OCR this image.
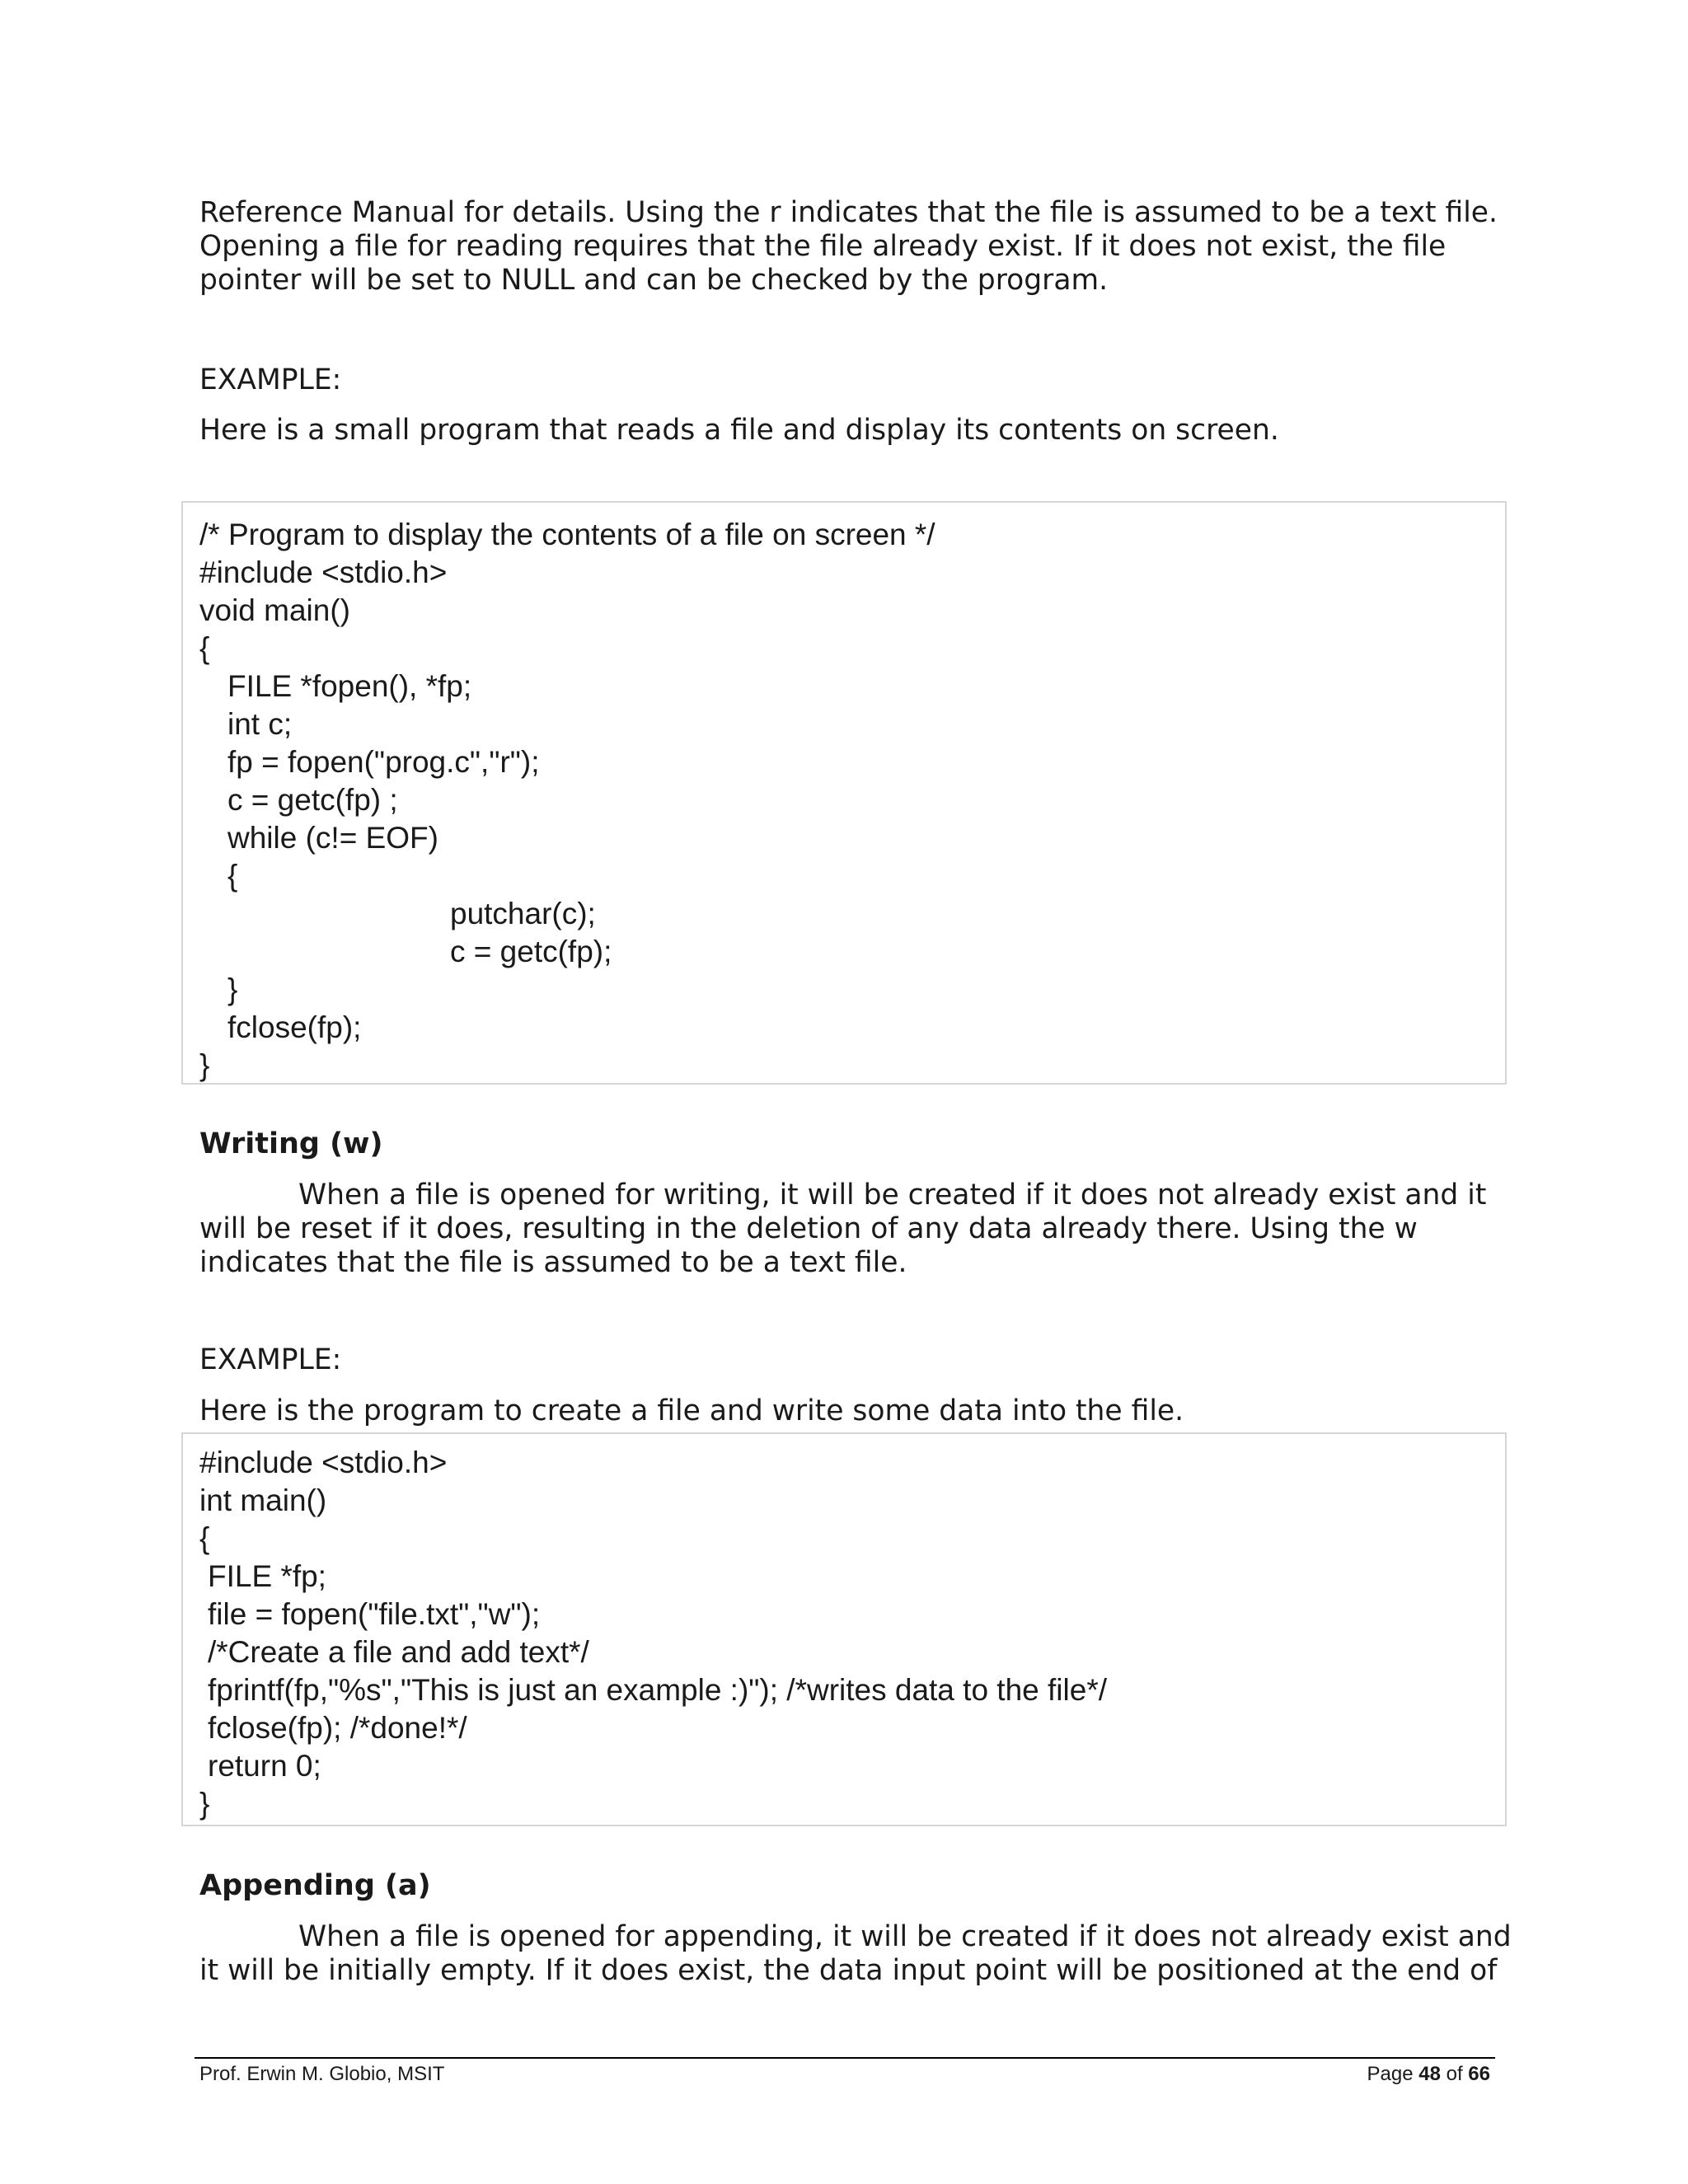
Reference Manual for details. Using the r indicates that the file is assumed to be a text file.
Opening a file for reading requires that the file already exist. If it does not exist, the file
pointer will be set to NULL and can be checked by the program.
EXAMPLE:
Here is a small program that reads a file and display its contents on screen.
/* Program to display the contents of a file on screen */
#include <stdio.h>
void main()
{
FILE *fopen(), *fp;
int c;
fp = fopen("prog.c","r");
c = getc(fp) ;
while (c!= EOF)
{
putchar(c);
c = getc(fp);
}
fclose(fp);
}
Writing (w)
When a file is opened for writing, it will be created if it does not already exist and it
will be reset if it does, resulting in the deletion of any data already there. Using the w
indicates that the file is assumed to be a text file.
EXAMPLE:
Here is the program to create a file and write some data into the file.
#include <stdio.h>
int main()
{
FILE *fp;
file = fopen("file.txt","w");
/*Create a file and add text*/
fprintf(fp,"%s","This is just an example :)"); /*writes data to the file*/
fclose(fp); /*done!*/
return 0;
}
Appending (a)
When a file is opened for appending, it will be created if it does not already exist and
it will be initially empty. If it does exist, the data input point will be positioned at the end of
Prof. Erwin M. Globio, MSIT	Page 48 of 66
